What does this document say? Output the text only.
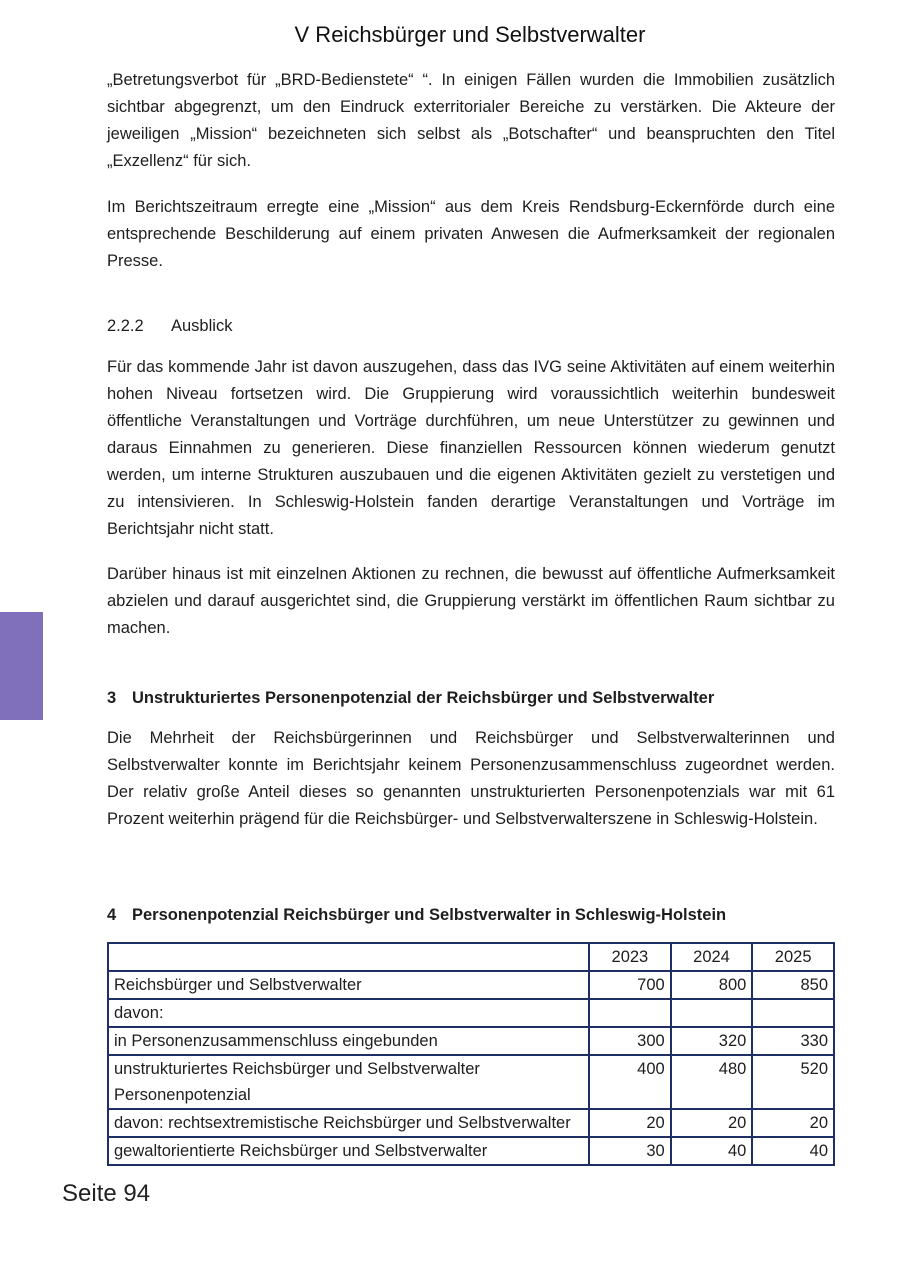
V Reichsbürger und Selbstverwalter

„Betretungsverbot für „BRD-Bedienstete“ “. In einigen Fällen wurden die Immobilien zusätzlich sichtbar abgegrenzt, um den Eindruck exterritorialer Bereiche zu verstärken. Die Akteure der jeweiligen „Mission“ bezeichneten sich selbst als „Botschafter“ und beanspruchten den Titel „Exzellenz“ für sich.

Im Berichtszeitraum erregte eine „Mission“ aus dem Kreis Rendsburg-Eckernförde durch eine entsprechende Beschilderung auf einem privaten Anwesen die Aufmerksamkeit der regionalen Presse.

2.2.2 Ausblick

Für das kommende Jahr ist davon auszugehen, dass das IVG seine Aktivitäten auf einem weiterhin hohen Niveau fortsetzen wird. Die Gruppierung wird voraussichtlich weiterhin bundesweit öffentliche Veranstaltungen und Vorträge durchführen, um neue Unterstützer zu gewinnen und daraus Einnahmen zu generieren. Diese finanziellen Ressourcen können wiederum genutzt werden, um interne Strukturen auszubauen und die eigenen Aktivitäten gezielt zu verstetigen und zu intensivieren. In Schleswig-Holstein fanden derartige Veranstaltungen und Vorträge im Berichtsjahr nicht statt.

Darüber hinaus ist mit einzelnen Aktionen zu rechnen, die bewusst auf öffentliche Aufmerksamkeit abzielen und darauf ausgerichtet sind, die Gruppierung verstärkt im öffentlichen Raum sichtbar zu machen.

3 Unstrukturiertes Personenpotenzial der Reichsbürger und Selbstverwalter

Die Mehrheit der Reichsbürgerinnen und Reichsbürger und Selbstverwalterinnen und Selbstverwalter konnte im Berichtsjahr keinem Personenzusammenschluss zugeordnet werden. Der relativ große Anteil dieses so genannten unstrukturierten Personenpotenzials war mit 61 Prozent weiterhin prägend für die Reichsbürger- und Selbstverwalterszene in Schleswig-Holstein.

4 Personenpotenzial Reichsbürger und Selbstverwalter in Schleswig-Holstein
	2023	2024	2025
Reichsbürger und Selbstverwalter	700	800	850
davon:			
in Personenzusammenschluss eingebunden	300	320	330
unstrukturiertes Reichsbürger und Selbstverwalter Personenpotenzial	400	480	520
davon: rechtsextremistische Reichsbürger und Selbstverwalter	20	20	20
gewaltorientierte Reichsbürger und Selbstverwalter	30	40	40
Seite 94
